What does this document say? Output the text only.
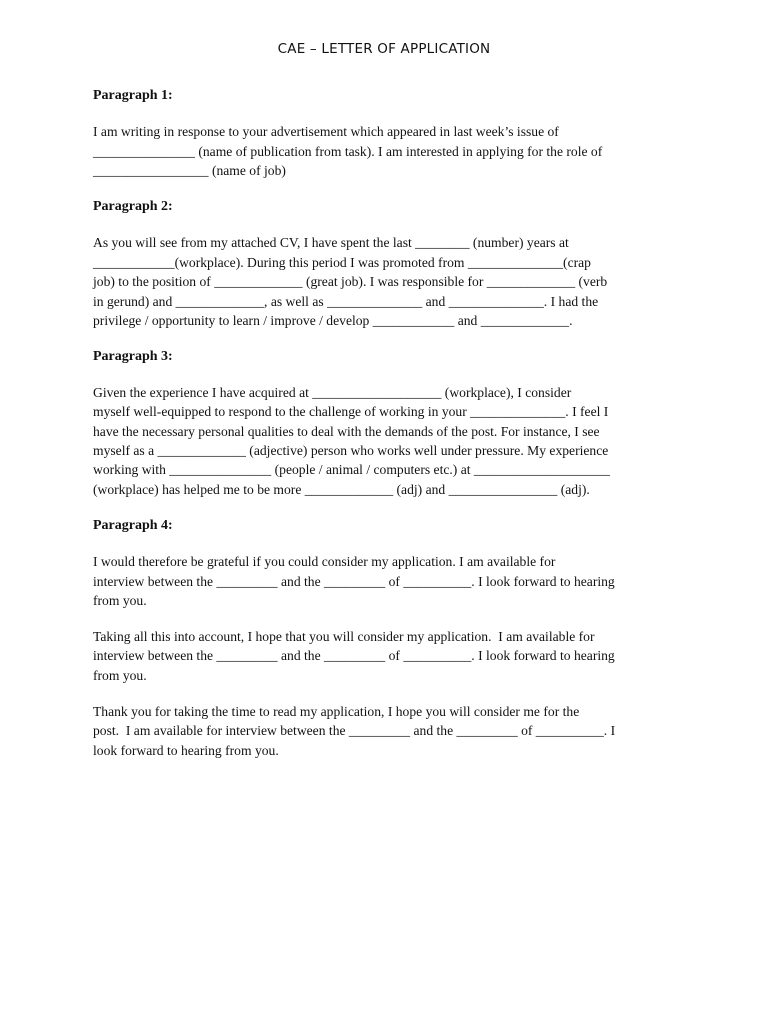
CAE – LETTER OF APPLICATION
Paragraph 1:
I am writing in response to your advertisement which appeared in last week’s issue of
_______________ (name of publication from task). I am interested in applying for the role of
_________________ (name of job)
Paragraph 2:
As you will see from my attached CV, I have spent the last ________ (number) years at
____________(workplace). During this period I was promoted from ______________(crap
job) to the position of _____________ (great job). I was responsible for _____________ (verb
in gerund) and _____________, as well as ______________ and ______________. I had the
privilege / opportunity to learn / improve / develop ____________ and _____________.
Paragraph 3:
Given the experience I have acquired at ___________________ (workplace), I consider
myself well-equipped to respond to the challenge of working in your ______________. I feel I
have the necessary personal qualities to deal with the demands of the post. For instance, I see
myself as a _____________ (adjective) person who works well under pressure. My experience
working with _______________ (people / animal / computers etc.) at ____________________
(workplace) has helped me to be more _____________ (adj) and ________________ (adj).
Paragraph 4:
I would therefore be grateful if you could consider my application. I am available for
interview between the _________ and the _________ of __________. I look forward to hearing
from you.
Taking all this into account, I hope that you will consider my application.  I am available for
interview between the _________ and the _________ of __________. I look forward to hearing
from you.
Thank you for taking the time to read my application, I hope you will consider me for the
post.  I am available for interview between the _________ and the _________ of __________. I
look forward to hearing from you.
